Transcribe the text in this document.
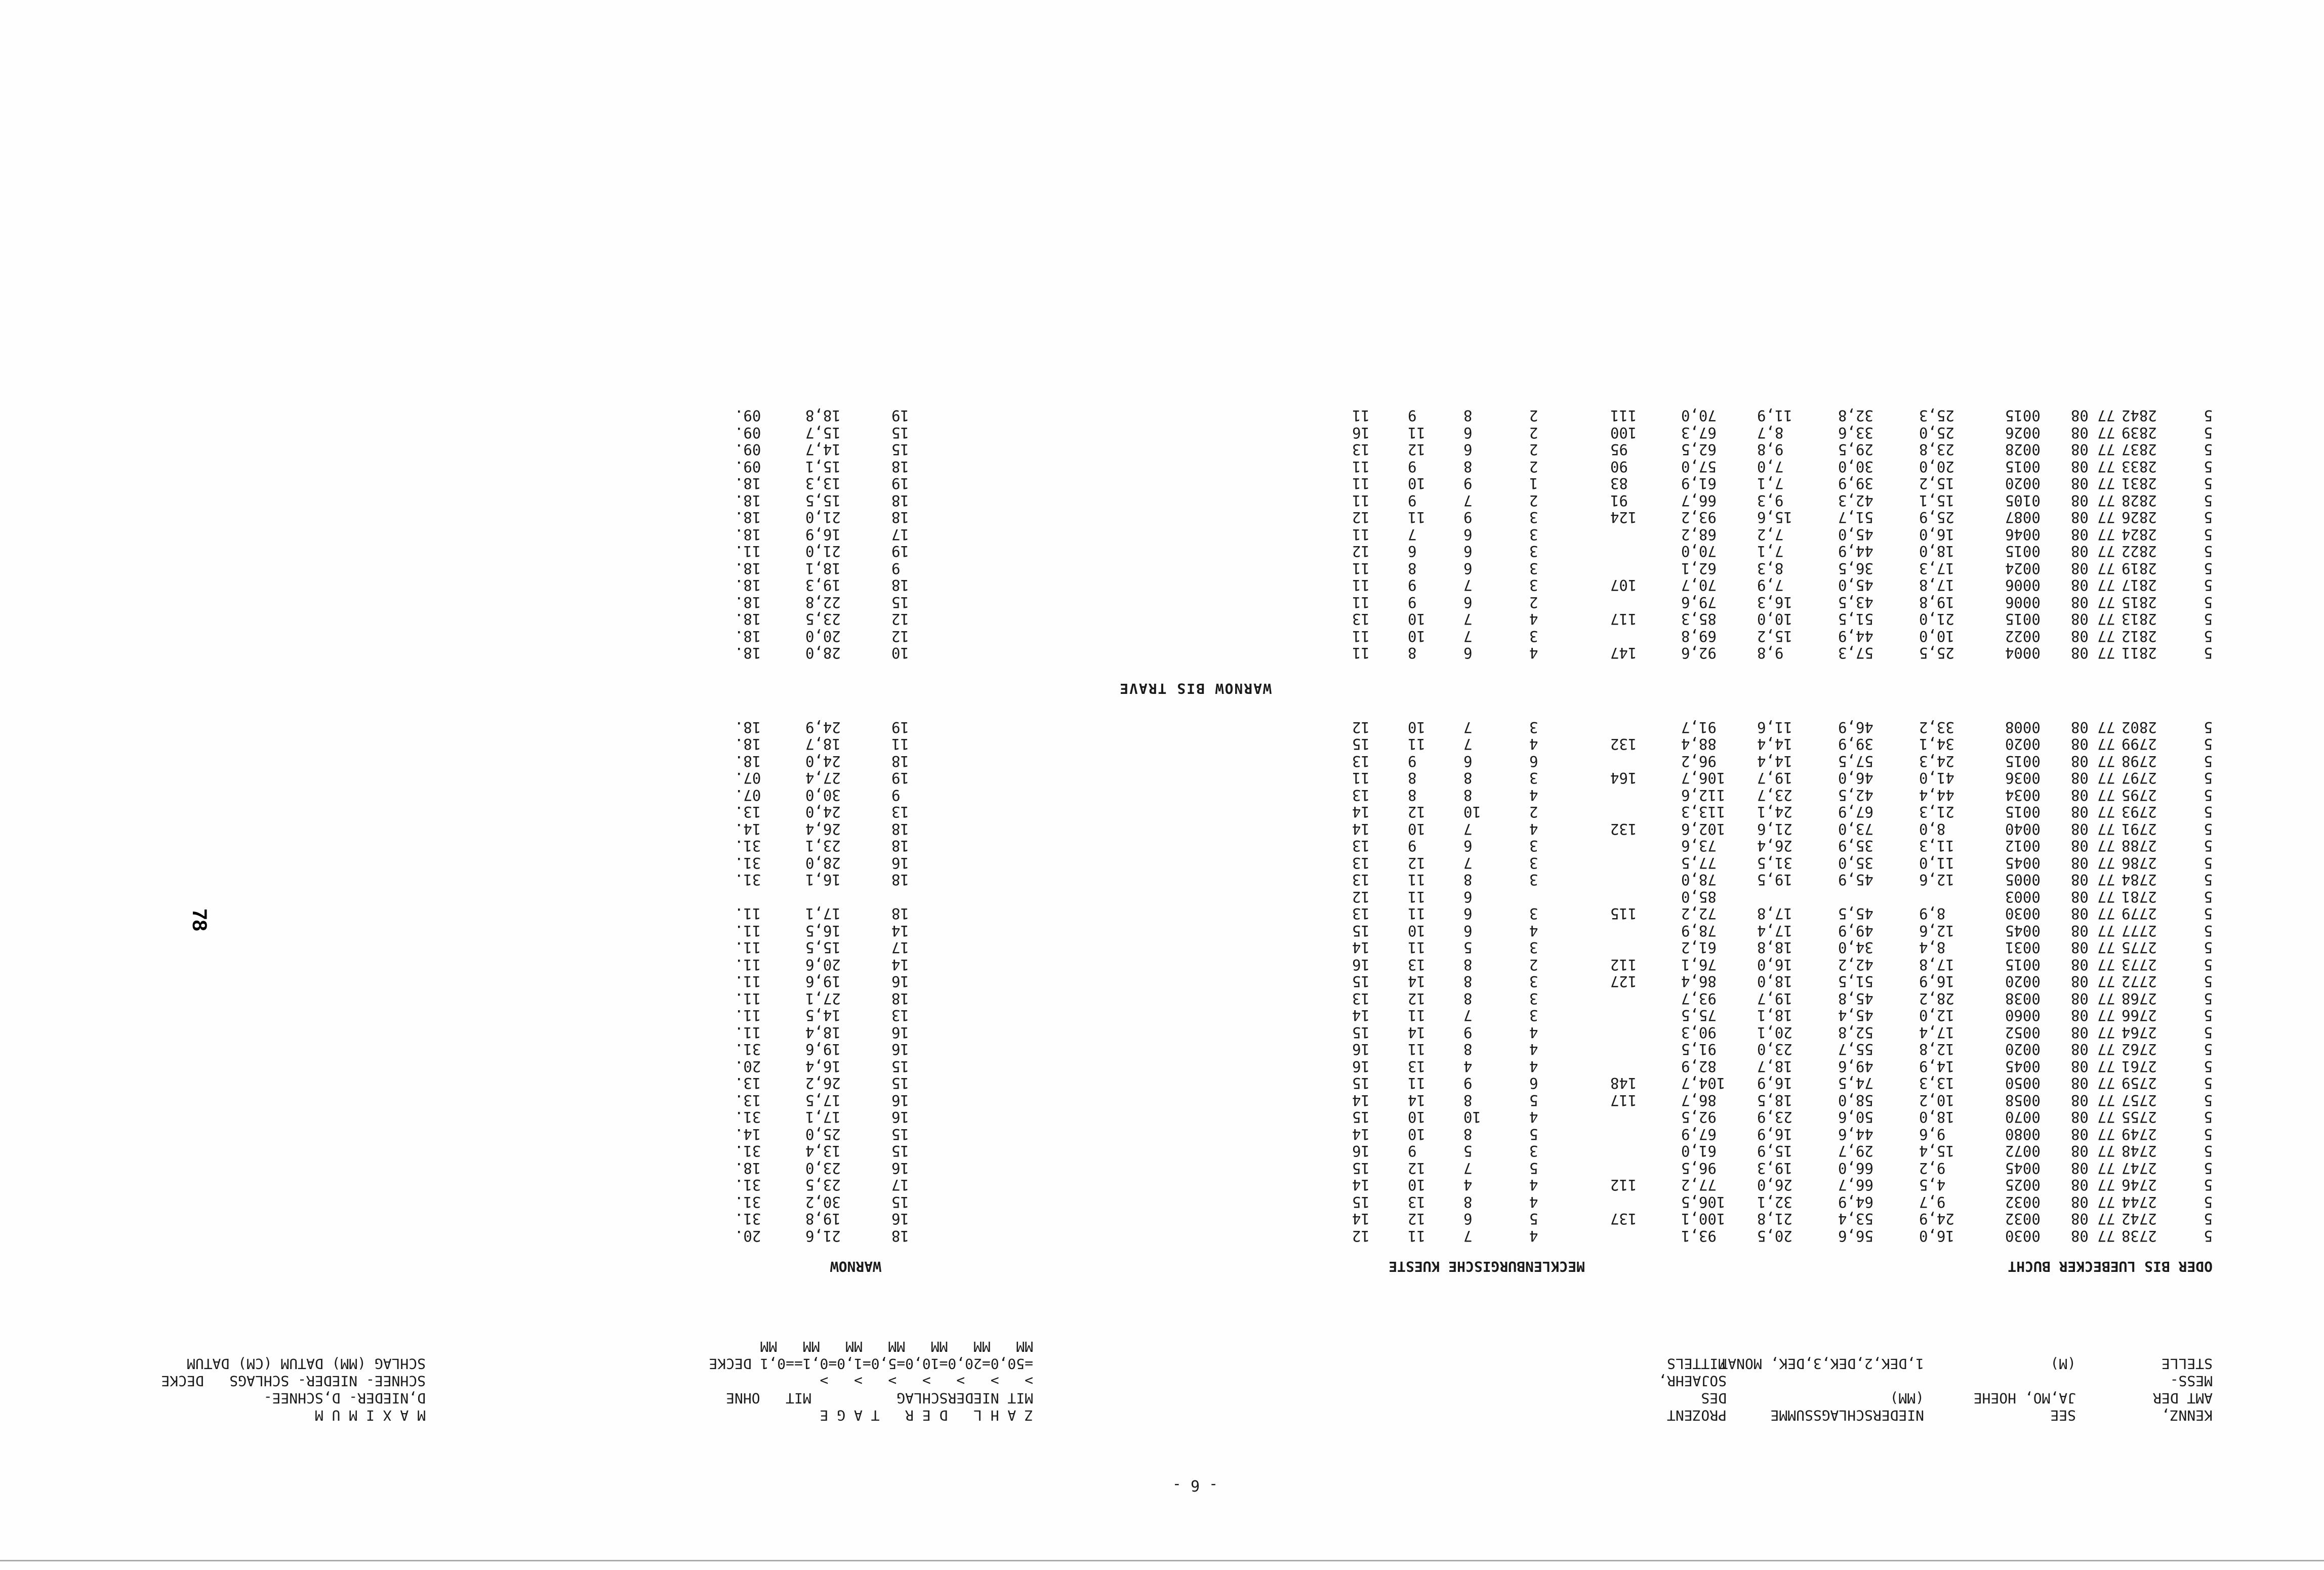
- 6 -

KENNZ,
SEE
NIEDERSCHLAGSSUMME
PROZENT
Z A H L   D E R   T A G E
M A X I M U M
AMT DER
JA,MO, HOEHE
(MM)
DES
MIT NIEDERSCHLAG          MIT   OHNE
D,NIEDER- D,SCHNEE-
MESS-
SOJAEHR,
>   >   >   >   >   >   >
SCHNEE- NIEDER- SCHLAGS   DECKE
STELLE
(M)
1,DEK,2,DEK,3,DEK, MONAT
MITTELS
=50,0=20,0=10,0=5,0=1,0=0,1==0,1 DECKE
SCHLAG (MM) DATUM (CM) DATUM
MM   MM   MM   MM   MM   MM   MM

ODER BIS LUEBECKER BUCHT
MECKLENBURGISCHE KUESTE
WARNOW
5
2738
77 08
0030
16,0
56,6
20,5
93,1
4
7
11
12
18
21,6
20.
5
2742
77 08
0032
24,9
53,4
21,8
100,1
137
5
6
12
14
16
19,8
31.
5
2744
77 08
0032
9,7
64,9
32,1
106,5
4
8
13
15
15
30,2
31.
5
2746
77 08
0025
4,5
66,7
26,0
77,2
112
4
4
10
14
17
23,5
31.
5
2747
77 08
0045
9,2
66,0
19,3
96,5
5
7
12
15
16
23,0
18.
5
2748
77 08
0072
15,4
29,7
15,9
61,0
3
5
9
16
15
13,4
31.
5
2749
77 08
0080
9,6
44,6
16,9
67,9
5
8
10
14
15
25,0
14.
5
2755
77 08
0070
18,0
50,6
23,9
92,5
4
10
10
15
16
17,1
31.
5
2757
77 08
0058
10,2
58,0
18,5
86,7
117
5
8
14
14
16
17,5
13.
5
2759
77 08
0050
13,3
74,5
16,9
104,7
148
6
9
11
15
15
26,2
13.
5
2761
77 08
0045
14,9
49,6
18,7
82,9
4
4
13
16
15
16,4
20.
5
2762
77 08
0020
12,8
55,7
23,0
91,5
4
8
11
16
16
19,6
31.
5
2764
77 08
0052
17,4
52,8
20,1
90,3
4
9
14
15
16
18,4
11.
5
2766
77 08
0060
12,0
45,4
18,1
75,5
3
7
11
14
13
14,5
11.
5
2768
77 08
0038
28,2
45,8
19,7
93,7
3
8
12
13
18
27,1
11.
5
2772
77 08
0020
16,9
51,5
18,0
86,4
127
3
8
14
15
16
19,6
11.
5
2773
77 08
0015
17,8
42,2
16,0
76,1
112
2
8
13
16
14
20,6
11.
5
2775
77 08
0031
8,4
34,0
18,8
61,2
3
5
11
14
17
15,5
11.
5
2777
77 08
0045
12,6
49,9
17,4
78,9
4
6
10
15
14
16,5
11.
5
2779
77 08
0030
8,9
45,5
17,8
72,2
115
3
6
11
13
18
17,1
11.
5
2781
77 08
0003
85,0
6
11
12
5
2784
77 08
0005
12,6
45,9
19,5
78,0
3
8
11
13
18
16,1
31.
5
2786
77 08
0045
11,0
35,0
31,5
77,5
3
7
12
13
16
28,0
31.
5
2788
77 08
0012
11,3
35,9
26,4
73,6
3
6
9
13
18
23,1
31.
5
2791
77 08
0040
8,0
73,0
21,6
102,6
132
4
7
10
14
18
26,4
14.
5
2793
77 08
0015
21,3
67,9
24,1
113,3
2
10
12
14
13
24,0
13.
5
2795
77 08
0034
44,4
42,5
23,7
112,6
4
8
8
13
9
30,0
07.
5
2797
77 08
0036
41,0
46,0
19,7
106,7
164
3
8
8
11
19
27,4
07.
5
2798
77 08
0015
24,3
57,5
14,4
96,2
6
6
9
13
18
24,0
18.
5
2799
77 08
0020
34,1
39,9
14,4
88,4
132
4
7
11
15
11
18,7
18.
5
2802
77 08
0008
33,2
46,9
11,6
91,7
3
7
10
12
19
24,9
18.
WARNOW BIS TRAVE
5
2811
77 08
0004
25,5
57,3
9,8
92,6
147
4
6
8
11
10
28,0
18.
5
2812
77 08
0022
10,0
44,9
15,2
69,8
3
7
10
11
12
20,0
18.
5
2813
77 08
0015
21,0
51,5
10,0
85,3
117
4
7
10
13
12
23,5
18.
5
2815
77 08
0006
19,8
43,5
16,3
79,6
2
6
9
11
15
22,8
18.
5
2817
77 08
0006
17,8
45,0
7,9
70,7
107
3
7
9
11
18
19,3
18.
5
2819
77 08
0024
17,3
36,5
8,3
62,1
3
6
8
11
9
18,1
18.
5
2822
77 08
0015
18,0
44,9
7,1
70,0
3
6
6
12
19
21,0
11.
5
2824
77 08
0046
16,0
45,0
7,2
68,2
3
6
7
11
17
16,9
18.
5
2826
77 08
0087
25,9
51,7
15,6
93,2
124
3
9
11
12
18
21,0
18.
5
2828
77 08
0105
15,1
42,3
9,3
66,7
91
2
7
9
11
18
15,5
18.
5
2831
77 08
0020
15,2
39,9
7,1
61,9
83
1
9
10
11
19
13,3
18.
5
2833
77 08
0015
20,0
30,0
7,0
57,0
90
2
8
9
11
18
15,1
09.
5
2837
77 08
0028
23,8
29,5
9,8
62,5
95
2
6
12
13
15
14,7
09.
5
2839
77 08
0026
25,0
33,6
8,7
67,3
100
2
6
11
16
15
15,7
09.
5
2842
77 08
0015
25,3
32,8
11,9
70,0
111
2
8
9
11
19
18,8
09.
78
